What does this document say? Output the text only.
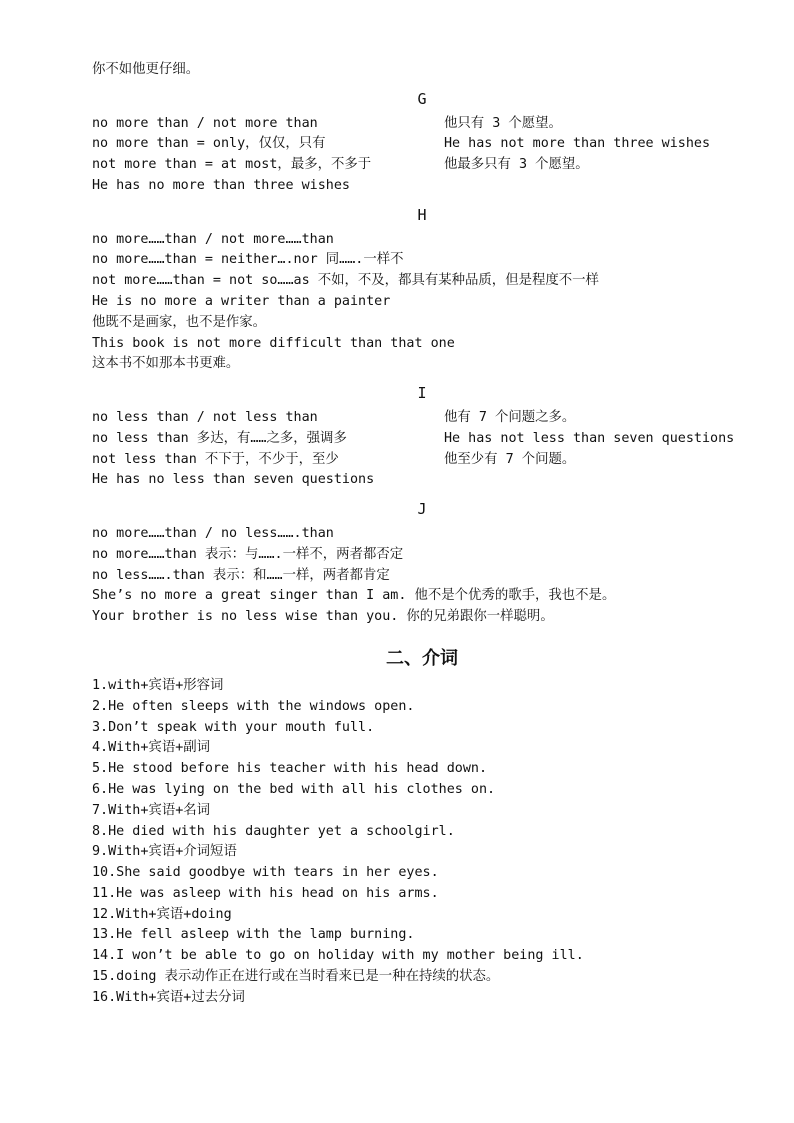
你不如他更仔细。
G
no more than / not more than	他只有 3 个愿望。
no more than = only，仅仅，只有	He has not more than three wishes
not more than = at most，最多，不多于	他最多只有 3 个愿望。
He has no more than three wishes
H
no more……than / not more……than
no more……than = neither….nor 同…….一样不
not more……than = not so……as 不如，不及，都具有某种品质，但是程度不一样
He is no more a writer than a painter
他既不是画家，也不是作家。
This book is not more difficult than that one
这本书不如那本书更难。
I
no less than / not less than	他有 7 个问题之多。
no less than 多达，有……之多，强调多	He has not less than seven questions
not less than 不下于，不少于，至少	他至少有 7 个问题。
He has no less than seven questions
J
no more……than / no less…….than
no more……than 表示：与…….一样不，两者都否定
no less…….than 表示：和……一样，两者都肯定
She’s no more a great singer than I am. 他不是个优秀的歌手，我也不是。
Your brother is no less wise than you. 你的兄弟跟你一样聪明。
二、介词
1.with+宾语+形容词
2.He often sleeps with the windows open.
3.Don’t speak with your mouth full.
4.With+宾语+副词
5.He stood before his teacher with his head down.
6.He was lying on the bed with all his clothes on.
7.With+宾语+名词
8.He died with his daughter yet a schoolgirl.
9.With+宾语+介词短语
10.She said goodbye with tears in her eyes.
11.He was asleep with his head on his arms.
12.With+宾语+doing
13.He fell asleep with the lamp burning.
14.I won’t be able to go on holiday with my mother being ill.
15.doing 表示动作正在进行或在当时看来已是一种在持续的状态。
16.With+宾语+过去分词
